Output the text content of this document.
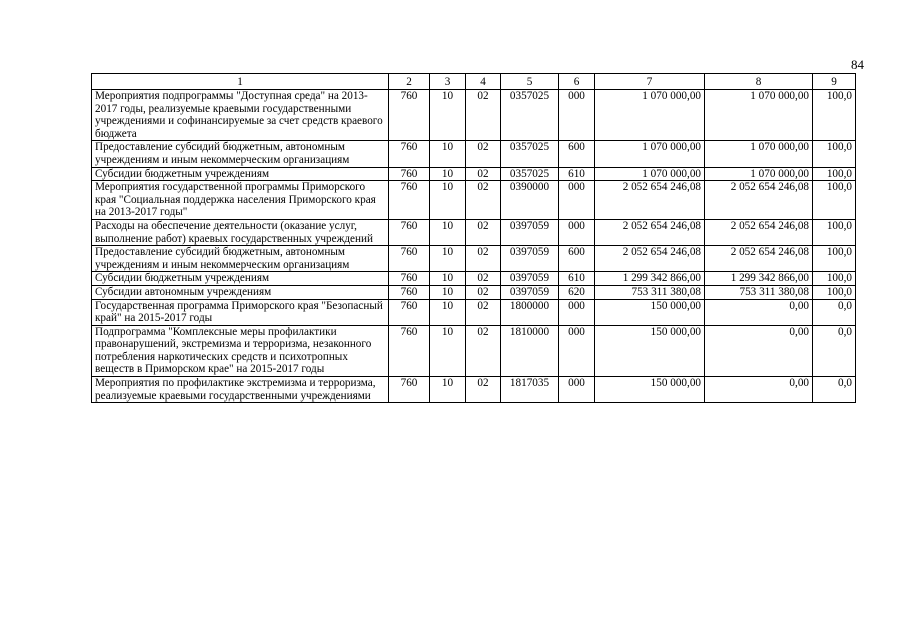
84
1	2	3	4	5	6	7	8	9
Мероприятия подпрограммы "Доступная среда" на 2013-2017 годы, реализуемые краевыми государственными учреждениями и софинансируемые за счет средств краевого бюджета	760	10	02	0357025	000	1 070 000,00	1 070 000,00	100,0
Предоставление субсидий бюджетным, автономным учреждениям и иным некоммерческим организациям	760	10	02	0357025	600	1 070 000,00	1 070 000,00	100,0
Субсидии бюджетным учреждениям	760	10	02	0357025	610	1 070 000,00	1 070 000,00	100,0
Мероприятия государственной программы Приморского края "Социальная поддержка населения Приморского края на 2013-2017 годы"	760	10	02	0390000	000	2 052 654 246,08	2 052 654 246,08	100,0
Расходы на обеспечение деятельности (оказание услуг, выполнение работ) краевых государственных учреждений	760	10	02	0397059	000	2 052 654 246,08	2 052 654 246,08	100,0
Предоставление субсидий бюджетным, автономным учреждениям и иным некоммерческим организациям	760	10	02	0397059	600	2 052 654 246,08	2 052 654 246,08	100,0
Субсидии бюджетным учреждениям	760	10	02	0397059	610	1 299 342 866,00	1 299 342 866,00	100,0
Субсидии автономным учреждениям	760	10	02	0397059	620	753 311 380,08	753 311 380,08	100,0
Государственная программа Приморского края "Безопасный край" на 2015-2017 годы	760	10	02	1800000	000	150 000,00	0,00	0,0
Подпрограмма "Комплексные меры профилактики правонарушений, экстремизма и терроризма, незаконного потребления наркотических средств и психотропных веществ в Приморском крае" на 2015-2017 годы	760	10	02	1810000	000	150 000,00	0,00	0,0
Мероприятия по профилактике экстремизма и терроризма, реализуемые краевыми государственными учреждениями	760	10	02	1817035	000	150 000,00	0,00	0,0
